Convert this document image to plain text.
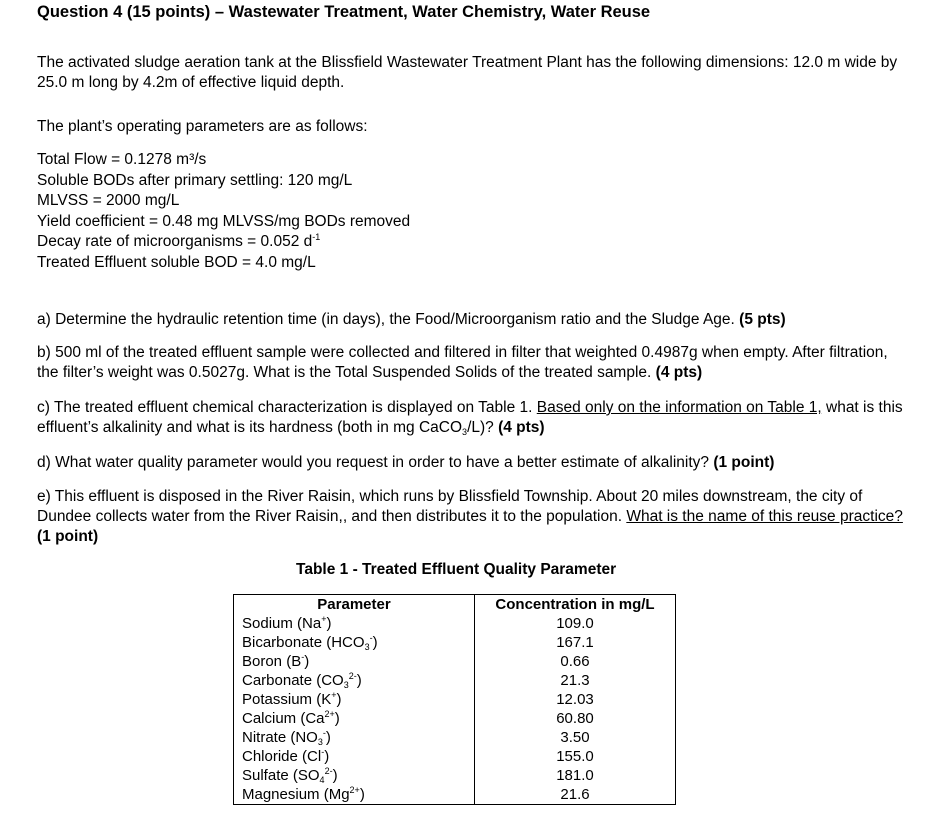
Question 4 (15 points) – Wastewater Treatment, Water Chemistry, Water Reuse
The activated sludge aeration tank at the Blissfield Wastewater Treatment Plant has the following dimensions: 12.0 m wide by 25.0 m long by 4.2m of effective liquid depth.
The plant’s operating parameters are as follows:
Total Flow = 0.1278 m³/s
Soluble BODs after primary settling: 120 mg/L
MLVSS = 2000 mg/L
Yield coefficient = 0.48 mg MLVSS/mg BODs removed
Decay rate of microorganisms = 0.052 $d^{-1}$
Treated Effluent soluble BOD = 4.0 mg/L
a) Determine the hydraulic retention time (in days), the Food/Microorganism ratio and the Sludge Age. (5 pts)
b) 500 ml of the treated effluent sample were collected and filtered in filter that weighted 0.4987g when empty. After filtration, the filter’s weight was 0.5027g. What is the Total Suspended Solids of the treated sample. (4 pts)
c) The treated effluent chemical characterization is displayed on Table 1. Based only on the information on Table 1, what is this effluent’s alkalinity and what is its hardness (both in mg CaCO$_3$/L)? (4 pts)
d) What water quality parameter would you request in order to have a better estimate of alkalinity? (1 point)
e) This effluent is disposed in the River Raisin, which runs by Blissfield Township. About 20 miles downstream, the city of Dundee collects water from the River Raisin,, and then distributes it to the population. What is the name of this reuse practice? (1 point)
Table 1 - Treated Effluent Quality Parameter
Parameter	Concentration in mg/L
Sodium (Na+)	109.0
Bicarbonate $(HCO_3^-)$	167.1
Boron (B-)	0.66
Carbonate $(CO_3^{2-})$	21.3
Potassium (K+)	12.03
Calcium $(Ca^{2+})$	60.80
Nitrate $(NO_3^-)$	3.50
Chloride (Cl-)	155.0
Sulfate $(SO_4^{2-})$	181.0
Magnesium $(Mg^{2+})$	21.6
